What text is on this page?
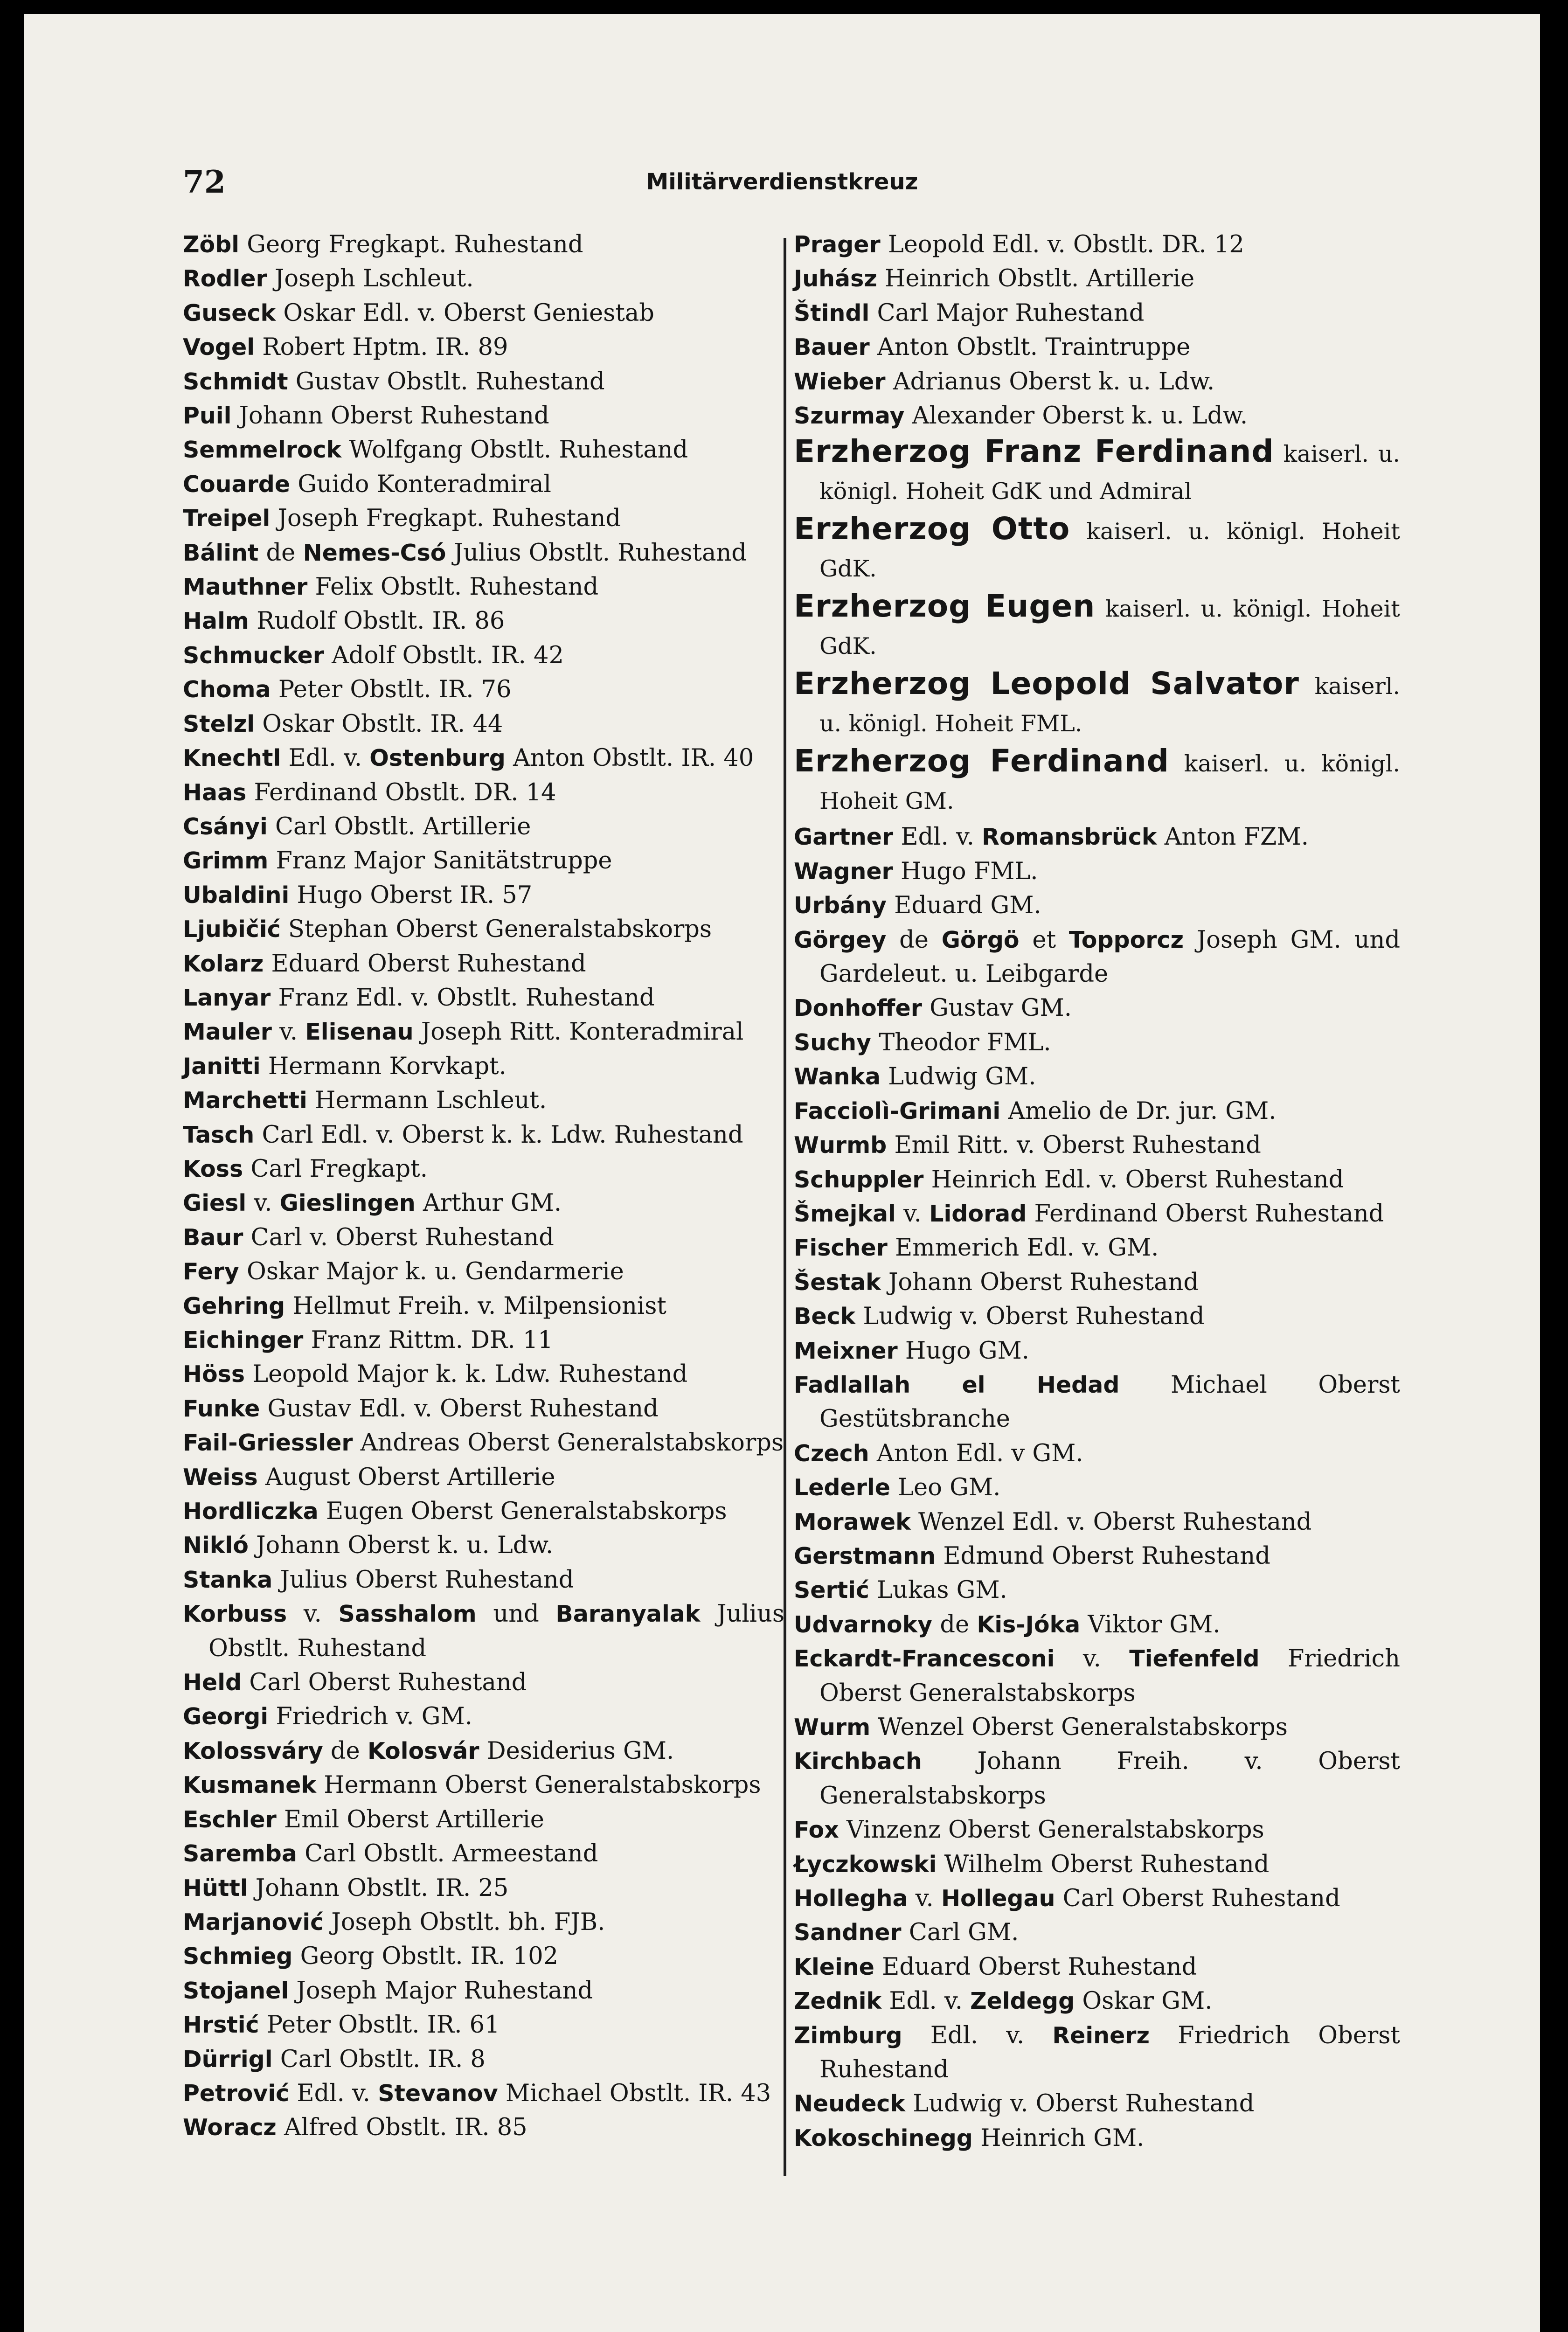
72	Militärverdienstkreuz
Zöbl Georg Fregkapt. Ruhestand
Rodler Joseph Lschleut.
Guseck Oskar Edl. v. Oberst Geniestab
Vogel Robert Hptm. IR. 89
Schmidt Gustav Obstlt. Ruhestand
Puil Johann Oberst Ruhestand
Semmelrock Wolfgang Obstlt. Ruhestand
Couarde Guido Konteradmiral
Treipel Joseph Fregkapt. Ruhestand
Bálint de Nemes-Csó Julius Obstlt. Ruhestand
Mauthner Felix Obstlt. Ruhestand
Halm Rudolf Obstlt. IR. 86
Schmucker Adolf Obstlt. IR. 42
Choma Peter Obstlt. IR. 76
Stelzl Oskar Obstlt. IR. 44
Knechtl Edl. v. Ostenburg Anton Obstlt. IR. 40
Haas Ferdinand Obstlt. DR. 14
Csányi Carl Obstlt. Artillerie
Grimm Franz Major Sanitätstruppe
Ubaldini Hugo Oberst IR. 57
Ljubičić Stephan Oberst Generalstabskorps
Kolarz Eduard Oberst Ruhestand
Lanyar Franz Edl. v. Obstlt. Ruhestand
Mauler v. Elisenau Joseph Ritt. Konteradmiral
Janitti Hermann Korvkapt.
Marchetti Hermann Lschleut.
Tasch Carl Edl. v. Oberst k. k. Ldw. Ruhestand
Koss Carl Fregkapt.
Giesl v. Gieslingen Arthur GM.
Baur Carl v. Oberst Ruhestand
Fery Oskar Major k. u. Gendarmerie
Gehring Hellmut Freih. v. Milpensionist
Eichinger Franz Rittm. DR. 11
Höss Leopold Major k. k. Ldw. Ruhestand
Funke Gustav Edl. v. Oberst Ruhestand
Fail-Griessler Andreas Oberst Generalstabskorps
Weiss August Oberst Artillerie
Hordliczka Eugen Oberst Generalstabskorps
Nikló Johann Oberst k. u. Ldw.
Stanka Julius Oberst Ruhestand
Korbuss v. Sasshalom und Baranyalak Julius Obstlt. Ruhestand
Held Carl Oberst Ruhestand
Georgi Friedrich v. GM.
Kolossváry de Kolosvár Desiderius GM.
Kusmanek Hermann Oberst Generalstabskorps
Eschler Emil Oberst Artillerie
Saremba Carl Obstlt. Armeestand
Hüttl Johann Obstlt. IR. 25
Marjanović Joseph Obstlt. bh. FJB.
Schmieg Georg Obstlt. IR. 102
Stojanel Joseph Major Ruhestand
Hrstić Peter Obstlt. IR. 61
Dürrigl Carl Obstlt. IR. 8
Petrović Edl. v. Stevanov Michael Obstlt. IR. 43
Woracz Alfred Obstlt. IR. 85
Prager Leopold Edl. v. Obstlt. DR. 12
Juhász Heinrich Obstlt. Artillerie
Štindl Carl Major Ruhestand
Bauer Anton Obstlt. Traintruppe
Wieber Adrianus Oberst k. u. Ldw.
Szurmay Alexander Oberst k. u. Ldw.
Erzherzog Franz Ferdinand kaiserl. u. königl. Hoheit GdK und Admiral
Erzherzog Otto kaiserl. u. königl. Hoheit GdK.
Erzherzog Eugen kaiserl. u. königl. Hoheit GdK.
Erzherzog Leopold Salvator kaiserl. u. königl. Hoheit FML.
Erzherzog Ferdinand kaiserl. u. königl. Hoheit GM.
Gartner Edl. v. Romansbrück Anton FZM.
Wagner Hugo FML.
Urbány Eduard GM.
Görgey de Görgö et Topporcz Joseph GM. und Gardeleut. u. Leibgarde
Donhoffer Gustav GM.
Suchy Theodor FML.
Wanka Ludwig GM.
Facciolì-Grimani Amelio de Dr. jur. GM.
Wurmb Emil Ritt. v. Oberst Ruhestand
Schuppler Heinrich Edl. v. Oberst Ruhestand
Šmejkal v. Lidorad Ferdinand Oberst Ruhestand
Fischer Emmerich Edl. v. GM.
Šestak Johann Oberst Ruhestand
Beck Ludwig v. Oberst Ruhestand
Meixner Hugo GM.
Fadlallah el Hedad Michael Oberst Gestütsbranche
Czech Anton Edl. v GM.
Lederle Leo GM.
Morawek Wenzel Edl. v. Oberst Ruhestand
Gerstmann Edmund Oberst Ruhestand
Sertić Lukas GM.
Udvarnoky de Kis-Jóka Viktor GM.
Eckardt-Francesconi v. Tiefenfeld Friedrich Oberst Generalstabskorps
Wurm Wenzel Oberst Generalstabskorps
Kirchbach Johann Freih. v. Oberst Generalstabskorps
Fox Vinzenz Oberst Generalstabskorps
Łyczkowski Wilhelm Oberst Ruhestand
Hollegha v. Hollegau Carl Oberst Ruhestand
Sandner Carl GM.
Kleine Eduard Oberst Ruhestand
Zednik Edl. v. Zeldegg Oskar GM.
Zimburg Edl. v. Reinerz Friedrich Oberst Ruhestand
Neudeck Ludwig v. Oberst Ruhestand
Kokoschinegg Heinrich GM.
